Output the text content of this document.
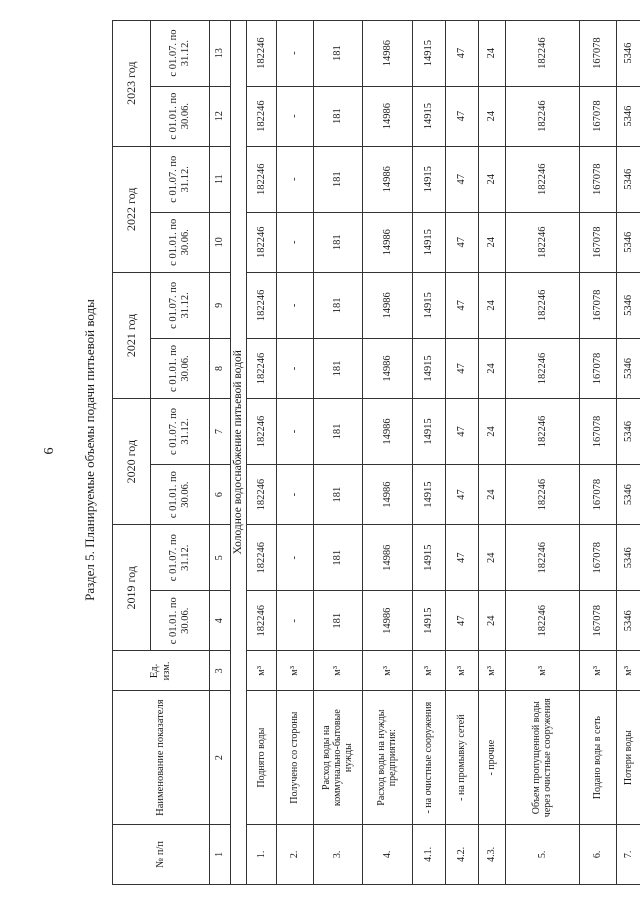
6 Раздел 5. Планируемые объемы подачи питьевой воды
№ п/п	Наименование показателя	Ед. изм.	2019 год		2020 год		2021 год		2022 год		2023 год		
			с 01.01. по 30.06.	с 01.07. по 31.12.	с 01.01. по 30.06.	с 01.07. по 31.12.	с 01.01. по 30.06.	с 01.07. по 31.12.	с 01.01. по 30.06.	с 01.07. по 31.12.	с 01.01. по 30.06.	с 01.07. по 31.12.	
1	2	3	4	5	6	7	8	9	10	11	12	13	
Холодное водоснабжение питьевой водой													
1.	Поднято воды	м³	182246	182246	182246	182246	182246	182246	182246	182246	182246	182246	
2.	Получено со стороны	м³	-	-	-	-	-	-	-	-	-	-	
3.	Расход воды на коммунально-бытовые нужды	м³	181	181	181	181	181	181	181	181	181	181	
4.	Расход воды на нужды предприятия:	м³	14986	14986	14986	14986	14986	14986	14986	14986	14986	14986	
4.1.	- на очистные сооружения	м³	14915	14915	14915	14915	14915	14915	14915	14915	14915	14915	
4.2.	- на промывку сетей	м³	47	47	47	47	47	47	47	47	47	47	
4.3.	- прочие	м³	24	24	24	24	24	24	24	24	24	24	
5.	Объем пропущенной воды через очистные сооружения	м³	182246	182246	182246	182246	182246	182246	182246	182246	182246	182246	
6.	Подано воды в сеть	м³	167078	167078	167078	167078	167078	167078	167078	167078	167078	167078	
7.	Потери воды	м³	5346	5346	5346	5346	5346	5346	5346	5346	5346	5346	
